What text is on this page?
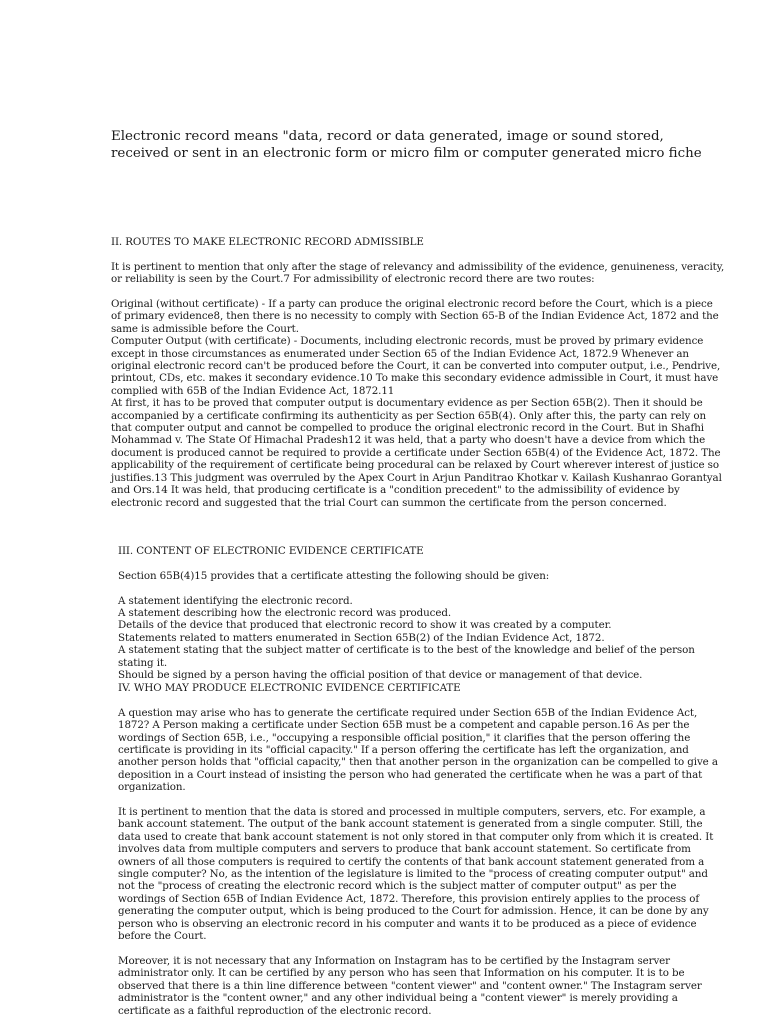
Electronic record means "data, record or data generated, image or sound stored, received or sent in an electronic form or micro film or computer generated micro fiche

II. ROUTES TO MAKE ELECTRONIC RECORD ADMISSIBLE

It is pertinent to mention that only after the stage of relevancy and admissibility of the evidence, genuineness, veracity, or reliability is seen by the Court.7 For admissibility of electronic record there are two routes:

Original (without certificate) - If a party can produce the original electronic record before the Court, which is a piece of primary evidence8, then there is no necessity to comply with Section 65-B of the Indian Evidence Act, 1872 and the same is admissible before the Court.

Computer Output (with certificate) - Documents, including electronic records, must be proved by primary evidence except in those circumstances as enumerated under Section 65 of the Indian Evidence Act, 1872.9 Whenever an original electronic record can't be produced before the Court, it can be converted into computer output, i.e., Pendrive, printout, CDs, etc. makes it secondary evidence.10 To make this secondary evidence admissible in Court, it must have complied with 65B of the Indian Evidence Act, 1872.11

At first, it has to be proved that computer output is documentary evidence as per Section 65B(2). Then it should be accompanied by a certificate confirming its authenticity as per Section 65B(4). Only after this, the party can rely on that computer output and cannot be compelled to produce the original electronic record in the Court. But in Shafhi Mohammad v. The State Of Himachal Pradesh12 it was held, that a party who doesn't have a device from which the document is produced cannot be required to provide a certificate under Section 65B(4) of the Evidence Act, 1872. The applicability of the requirement of certificate being procedural can be relaxed by Court wherever interest of justice so justifies.13 This judgment was overruled by the Apex Court in Arjun Panditrao Khotkar v. Kailash Kushanrao Gorantyal and Ors.14 It was held, that producing certificate is a "condition precedent" to the admissibility of evidence by electronic record and suggested that the trial Court can summon the certificate from the person concerned.

III. CONTENT OF ELECTRONIC EVIDENCE CERTIFICATE

Section 65B(4)15 provides that a certificate attesting the following should be given:

A statement identifying the electronic record.

A statement describing how the electronic record was produced.

Details of the device that produced that electronic record to show it was created by a computer.

Statements related to matters enumerated in Section 65B(2) of the Indian Evidence Act, 1872.

A statement stating that the subject matter of certificate is to the best of the knowledge and belief of the person stating it.

Should be signed by a person having the official position of that device or management of that device.

IV. WHO MAY PRODUCE ELECTRONIC EVIDENCE CERTIFICATE

A question may arise who has to generate the certificate required under Section 65B of the Indian Evidence Act, 1872? A Person making a certificate under Section 65B must be a competent and capable person.16 As per the wordings of Section 65B, i.e., "occupying a responsible official position," it clarifies that the person offering the certificate is providing in its "official capacity." If a person offering the certificate has left the organization, and another person holds that "official capacity," then that another person in the organization can be compelled to give a deposition in a Court instead of insisting the person who had generated the certificate when he was a part of that organization.

It is pertinent to mention that the data is stored and processed in multiple computers, servers, etc. For example, a bank account statement. The output of the bank account statement is generated from a single computer. Still, the data used to create that bank account statement is not only stored in that computer only from which it is created. It involves data from multiple computers and servers to produce that bank account statement. So certificate from owners of all those computers is required to certify the contents of that bank account statement generated from a single computer? No, as the intention of the legislature is limited to the "process of creating computer output" and not the "process of creating the electronic record which is the subject matter of computer output" as per the wordings of Section 65B of Indian Evidence Act, 1872. Therefore, this provision entirely applies to the process of generating the computer output, which is being produced to the Court for admission. Hence, it can be done by any person who is observing an electronic record in his computer and wants it to be produced as a piece of evidence before the Court.

Moreover, it is not necessary that any Information on Instagram has to be certified by the Instagram server administrator only. It can be certified by any person who has seen that Information on his computer. It is to be observed that there is a thin line difference between "content viewer" and "content owner." The Instagram server administrator is the "content owner," and any other individual being a "content viewer" is merely providing a certificate as a faithful reproduction of the electronic record.
